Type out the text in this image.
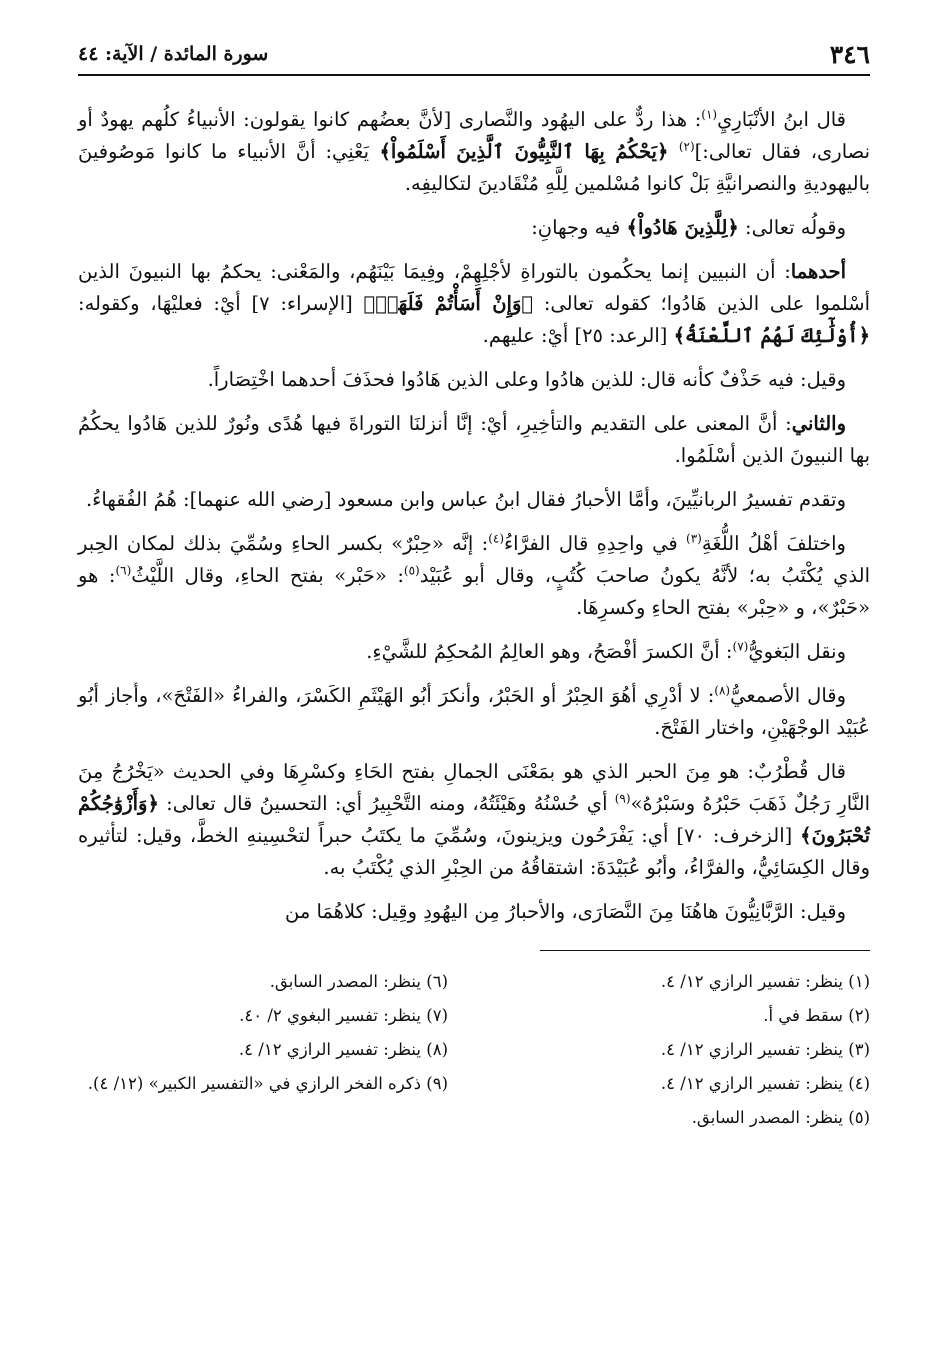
٣٤٦
سورة المائدة / الآية: ٤٤

قال ابنُ الأنْبَارِيِ$^{(١)}$: هذا ردٌّ على اليهُود والنَّصارى [لأنَّ بعضُهم كانوا يقولون: الأنبياءُ كلُهم يهودٌ أو نصارى، فقال تعالى:]$^{(٢)}$ ﴿يَحْكُمُ بِهَا ٱلنَّبِيُّونَ ٱلَّذِينَ أَسْلَمُواْ﴾ يَعْنِي: أنَّ الأنبياء ما كانوا مَوصُوفينَ باليهوديةِ والنصرانيَّةِ بَلْ كانوا مُسْلمين لِلَّهِ مُنْقَادينَ لتكاليفِه.

وقولُه تعالى: ﴿لِلَّذِينَ هَادُواْ﴾ فيه وجهانِ:

أحدهما: أن النبيين إنما يحكُمون بالتوراةِ لأجْلِهِمْ، وفِيمَا بَيْنَهُم، والمَعْنى: يحكمُ بها النبيونَ الذين أسْلموا على الذين هَادُوا؛ كقوله تعالى: ﴿وَإِنْ أَسَأْتُمْ فَلَهَاۚ﴾ [الإسراء: ٧] أيْ: فعليْهَا، وكقوله: ﴿أُوْلَٰٓئِكَ لَهُمُ ٱللَّعْنَةُ﴾ [الرعد: ٢٥] أيْ: عليهم.

وقيل: فيه حَذْفٌ كأنه قال: للذين هادُوا وعلى الذين هَادُوا فحذَفَ أحدهما اخْتِصَاراً.

والثاني: أنَّ المعنى على التقديم والتأخِيرِ، أيْ: إنَّا أنزلنَا التوراةَ فيها هُدًى ونُورٌ للذين هَادُوا يحكُمُ بها النبيونَ الذين أسْلَمُوا.

وتقدم تفسيرُ الربانيِّينَ، وأمَّا الأحبارُ فقال ابنُ عباس وابن مسعود [رضي الله عنهما]: هُمُ الفُقهاءُ.

واختلفَ أهْلُ اللُّغَةِ$^{(٣)}$ في واحِدِهِ قال الفرَّاءُ$^{(٤)}$: إنَّه «حِبْرٌ» بكسر الحاءِ وسُمِّيَ بذلك لمكان الحِبر الذي يُكْتَبُ به؛ لأنَّهُ يكونُ صاحبَ كُتُبٍ، وقال أبو عُبَيْد$^{(٥)}$: «حَبْر» بفتح الحاءِ، وقال اللَّيْثُ$^{(٦)}$: هو «حَبْرٌ»، و «حِبْر» بفتح الحاءِ وكسرِهَا.

ونقل البَغويُّ$^{(٧)}$: أنَّ الكسرَ أفْصَحُ، وهو العالِمُ المُحكِمُ للشَّيْءِ.

وقال الأصمعيُّ$^{(٨)}$: لا أدْرِي أهُوَ الحِبْرُ أو الحَبْرُ، وأنكرَ أبُو الهَيْثَمِ الكَسْرَ، والفراءُ «الفَتْحَ»، وأجاز أبُو عُبَيْد الوجْهَيْنِ، واختار الفَتْحَ.

قال قُطْرُبٌ: هو مِنَ الحبر الذي هو بمَعْنَى الجمالِ بفتح الحَاءِ وكسْرِهَا وفي الحديث «يَخْرُجُ مِنَ النَّارِ رَجُلٌ ذَهَبَ حَبْرُهُ وسَبْرُهُ»$^{(٩)}$ أي حُسْنُهُ وهَيْئَتُهُ، ومنه التَّحْبِيرُ أي: التحسينُ قال تعالى: ﴿وَأَزْوَٰجُكُمْ تُحْبَرُونَ﴾ [الزخرف: ٧٠] أي: يَفْرَحُون ويزينونَ، وسُمِّيَ ما يكتَبُ حبراً لتحْسِينهِ الخطَّ، وقيل: لتأثيره وقال الكِسَائِيُّ، والفرَّاءُ، وأبُو عُبَيْدَةَ: اشتقاقُهُ من الحِبْرِ الذي يُكْتَبُ به.

وقيل: الرَّبَّانِيُّونَ هاهُنَا مِنَ النَّصَارَى، والأحبارُ مِن اليهُودِ وقِيل: كلاهُمَا من

(١) ينظر: تفسير الرازي ١٢/ ٤.

(٢) سقط في أ.

(٣) ينظر: تفسير الرازي ١٢/ ٤.

(٤) ينظر: تفسير الرازي ١٢/ ٤.

(٥) ينظر: المصدر السابق.

(٦) ينظر: المصدر السابق.

(٧) ينظر: تفسير البغوي ٢/ ٤٠.

(٨) ينظر: تفسير الرازي ١٢/ ٤.

(٩) ذكره الفخر الرازي في «التفسير الكبير» (١٢/ ٤).
